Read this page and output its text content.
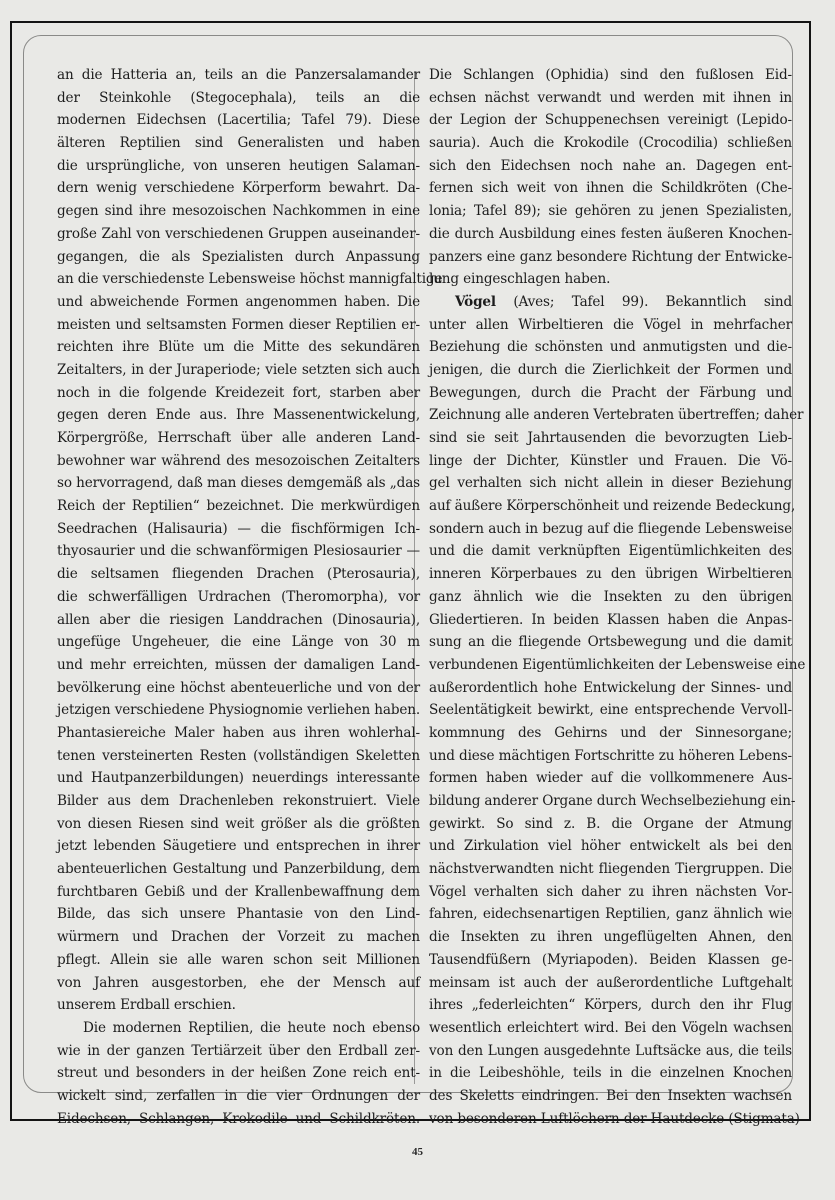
an die Hatteria an, teils an die Panzersalamander
der Steinkohle (Stegocephala), teils an die
modernen Eidechsen (Lacertilia; Tafel 79). Diese
älteren Reptilien sind Generalisten und haben
die ursprüngliche, von unseren heutigen Salaman-
dern wenig verschiedene Körperform bewahrt. Da-
gegen sind ihre mesozoischen Nachkommen in eine
große Zahl von verschiedenen Gruppen auseinander-
gegangen, die als Spezialisten durch Anpassung
an die verschiedenste Lebensweise höchst mannigfaltige
und abweichende Formen angenommen haben. Die
meisten und seltsamsten Formen dieser Reptilien er-
reichten ihre Blüte um die Mitte des sekundären
Zeitalters, in der Juraperiode; viele setzten sich auch
noch in die folgende Kreidezeit fort, starben aber
gegen deren Ende aus. Ihre Massenentwickelung,
Körpergröße, Herrschaft über alle anderen Land-
bewohner war während des mesozoischen Zeitalters
so hervorragend, daß man dieses demgemäß als „das
Reich der Reptilien“ bezeichnet. Die merkwürdigen
Seedrachen (Halisauria) — die fischförmigen Ich-
thyosaurier und die schwanförmigen Plesiosaurier —
die seltsamen fliegenden Drachen (Pterosauria),
die schwerfälligen Urdrachen (Theromorpha), vor
allen aber die riesigen Landdrachen (Dinosauria),
ungefüge Ungeheuer, die eine Länge von 30 m
und mehr erreichten, müssen der damaligen Land-
bevölkerung eine höchst abenteuerliche und von der
jetzigen verschiedene Physiognomie verliehen haben.
Phantasiereiche Maler haben aus ihren wohlerhal-
tenen versteinerten Resten (vollständigen Skeletten
und Hautpanzerbildungen) neuerdings interessante
Bilder aus dem Drachenleben rekonstruiert. Viele
von diesen Riesen sind weit größer als die größten
jetzt lebenden Säugetiere und entsprechen in ihrer
abenteuerlichen Gestaltung und Panzerbildung, dem
furchtbaren Gebiß und der Krallenbewaffnung dem
Bilde, das sich unsere Phantasie von den Lind-
würmern und Drachen der Vorzeit zu machen
pflegt. Allein sie alle waren schon seit Millionen
von Jahren ausgestorben, ehe der Mensch auf
unserem Erdball erschien.
Die modernen Reptilien, die heute noch ebenso
wie in der ganzen Tertiärzeit über den Erdball zer-
streut und besonders in der heißen Zone reich ent-
wickelt sind, zerfallen in die vier Ordnungen der
Eidechsen, Schlangen, Krokodile und Schildkröten.
Die Schlangen (Ophidia) sind den fußlosen Eid-
echsen nächst verwandt und werden mit ihnen in
der Legion der Schuppenechsen vereinigt (Lepido-
sauria). Auch die Krokodile (Crocodilia) schließen
sich den Eidechsen noch nahe an. Dagegen ent-
fernen sich weit von ihnen die Schildkröten (Che-
lonia; Tafel 89); sie gehören zu jenen Spezialisten,
die durch Ausbildung eines festen äußeren Knochen-
panzers eine ganz besondere Richtung der Entwicke-
lung eingeschlagen haben.
Vögel (Aves; Tafel 99). Bekanntlich sind
unter allen Wirbeltieren die Vögel in mehrfacher
Beziehung die schönsten und anmutigsten und die-
jenigen, die durch die Zierlichkeit der Formen und
Bewegungen, durch die Pracht der Färbung und
Zeichnung alle anderen Vertebraten übertreffen; daher
sind sie seit Jahrtausenden die bevorzugten Lieb-
linge der Dichter, Künstler und Frauen. Die Vö-
gel verhalten sich nicht allein in dieser Beziehung
auf äußere Körperschönheit und reizende Bedeckung,
sondern auch in bezug auf die fliegende Lebensweise
und die damit verknüpften Eigentümlichkeiten des
inneren Körperbaues zu den übrigen Wirbeltieren
ganz ähnlich wie die Insekten zu den übrigen
Gliedertieren. In beiden Klassen haben die Anpas-
sung an die fliegende Ortsbewegung und die damit
verbundenen Eigentümlichkeiten der Lebensweise eine
außerordentlich hohe Entwickelung der Sinnes- und
Seelentätigkeit bewirkt, eine entsprechende Vervoll-
kommnung des Gehirns und der Sinnesorgane;
und diese mächtigen Fortschritte zu höheren Lebens-
formen haben wieder auf die vollkommenere Aus-
bildung anderer Organe durch Wechselbeziehung ein-
gewirkt. So sind z. B. die Organe der Atmung
und Zirkulation viel höher entwickelt als bei den
nächstverwandten nicht fliegenden Tiergruppen. Die
Vögel verhalten sich daher zu ihren nächsten Vor-
fahren, eidechsenartigen Reptilien, ganz ähnlich wie
die Insekten zu ihren ungeflügelten Ahnen, den
Tausendfüßern (Myriapoden). Beiden Klassen ge-
meinsam ist auch der außerordentliche Luftgehalt
ihres „federleichten“ Körpers, durch den ihr Flug
wesentlich erleichtert wird. Bei den Vögeln wachsen
von den Lungen ausgedehnte Luftsäcke aus, die teils
in die Leibeshöhle, teils in die einzelnen Knochen
des Skeletts eindringen. Bei den Insekten wachsen
von besonderen Luftlöchern der Hautdecke (Stigmata)
45
